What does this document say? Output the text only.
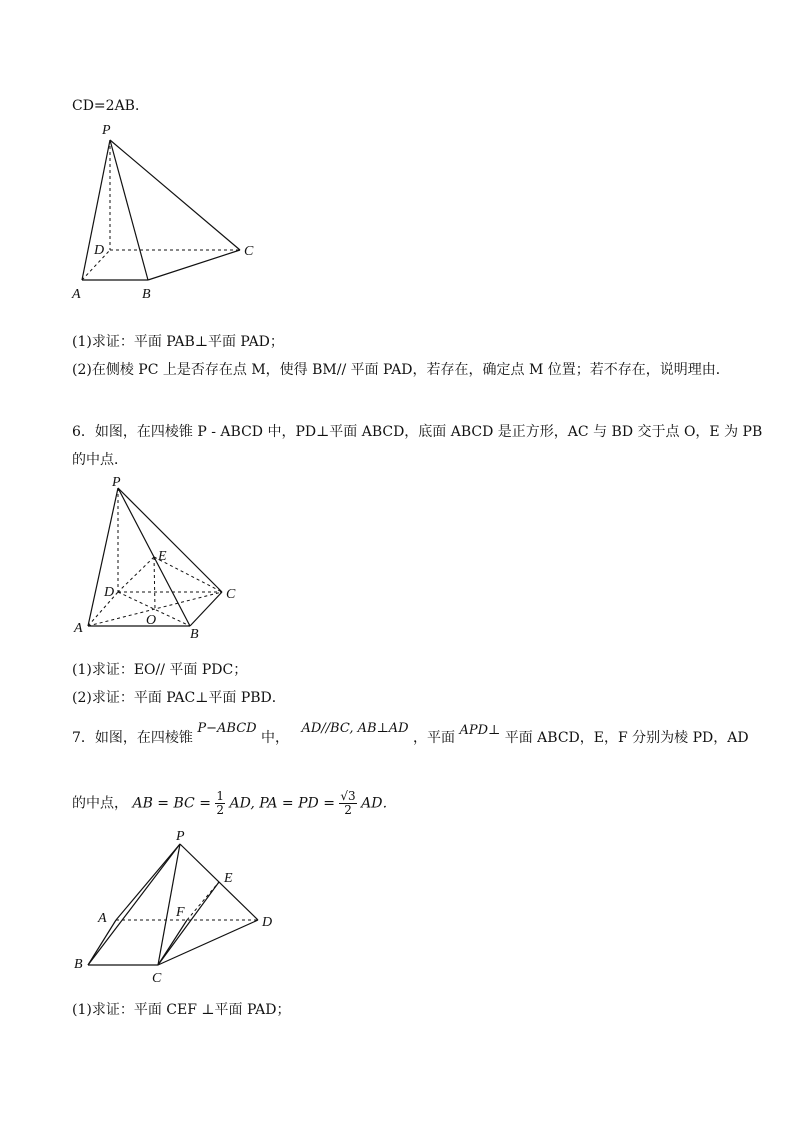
CD=2AB．
P
D	C
A	B
(1)求证：平面 PAB⊥平面 PAD；
(2)在侧棱 PC 上是否存在点 M，使得 BM// 平面 PAD，若存在，确定点 M 位置；若不存在，说明理由．
6．如图，在四棱锥 P - ABCD 中，PD⊥平面 ABCD，底面 ABCD 是正方形，AC 与 BD 交于点 O，E 为 PB
的中点．
P
E
D	C
A
O
B
(1)求证：EO// 平面 PDC；
(2)求证：平面 PAC⊥平面 PBD．
7．如图，在四棱锥 P−ABCD 中， AD//BC, AB⊥AD ，平面 APD⊥ 平面 ABCD，E，F 分别为棱 PD，AD
的中点， AB = BC = $\frac{1}{2}$ AD, PA = PD = $\frac{√3}{2}$ AD．
P
E
A	F
D
B
C
(1)求证：平面 CEF ⊥平面 PAD；
